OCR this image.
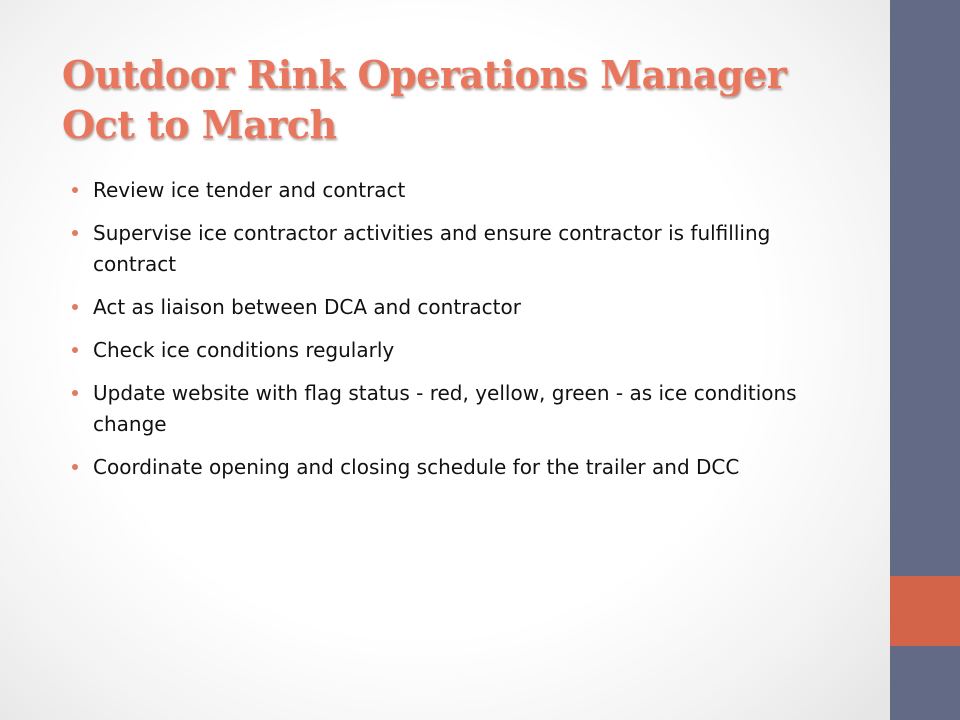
Outdoor Rink Operations Manager
Oct to March
Review ice tender and contract
Supervise ice contractor activities and ensure contractor is fulfilling contract
Act as liaison between DCA and contractor
Check ice conditions regularly
Update website with flag status - red, yellow, green - as ice conditions change
Coordinate opening and closing schedule for the trailer and DCC
